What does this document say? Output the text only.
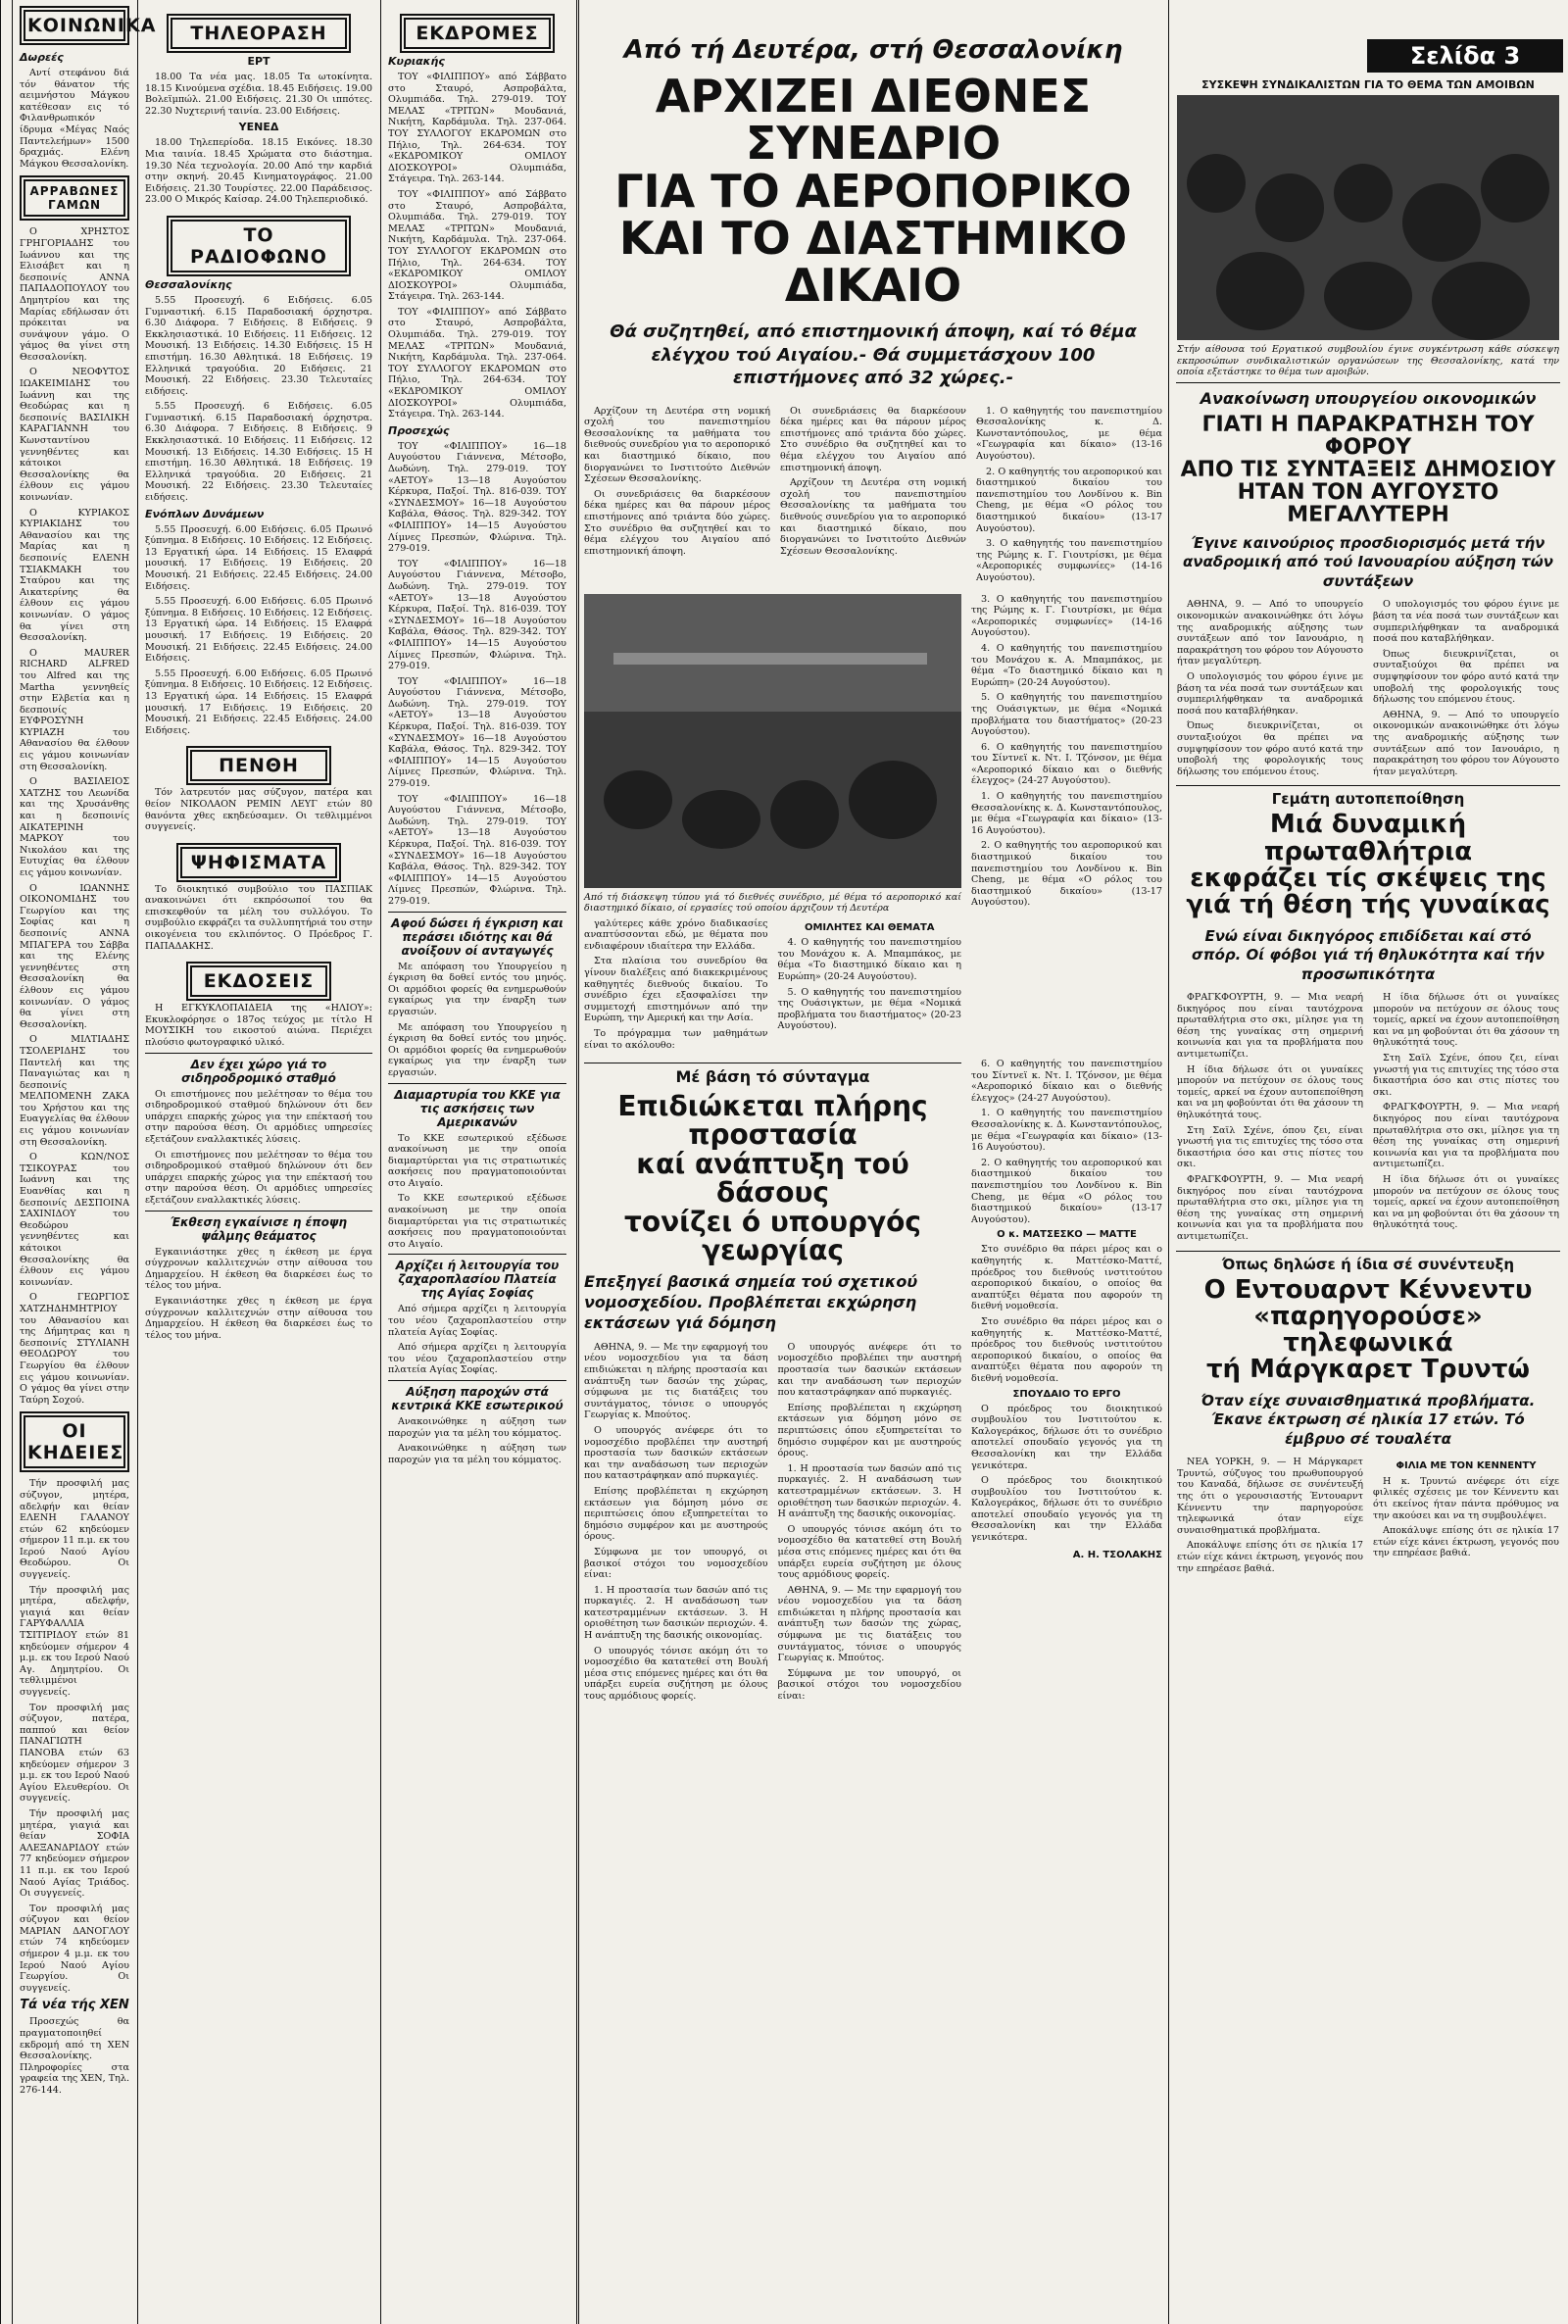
ΚΟΙΝΩΝΙΚΑ
Δωρεές

Αντί στεφάνου διά τόν θάνατον τής αειμνήστου Μάγκου κατέθεσαν εις τό Φιλανθρωπικόν ίδρυμα «Μέγας Ναός Παντελεήμων» 1500 δραχμάς. Ελένη Μάγκου Θεσσαλονίκη.

ΑΡΡΑΒΩΝΕΣ ΓΑΜΩΝ

Ο ΧΡΗΣΤΟΣ ΓΡΗΓΟΡΙΑΔΗΣ του Ιωάννου και της Ελισάβετ και η δεσποινίς ΑΝΝΑ ΠΑΠΑΔΟΠΟΥΛΟΥ του Δημητρίου και της Μαρίας εδήλωσαν ότι πρόκειται να συνάψουν γάμο. Ο γάμος θα γίνει στη Θεσσαλονίκη.

Ο ΝΕΟΦΥΤΟΣ ΙΩΑΚΕΙΜΙΔΗΣ του Ιωάννη και της Θεοδώρας και η δεσποινίς ΒΑΣΙΛΙΚΗ ΚΑΡΑΓΙΑΝΝΗ του Κωνσταντίνου γεννηθέντες και κάτοικοι Θεσσαλονίκης θα έλθουν εις γάμου κοινωνίαν.

Ο ΚΥΡΙΑΚΟΣ ΚΥΡΙΑΚΙΔΗΣ του Αθανασίου και της Μαρίας και η δεσποινίς ΕΛΕΝΗ ΤΣΙΑΚΜΑΚΗ του Σταύρου και της Αικατερίνης θα έλθουν εις γάμου κοινωνίαν. Ο γάμος θα γίνει στη Θεσσαλονίκη.

Ο MAURER RICHARD ALFRED του Alfred και της Martha γεννηθείς στην Ελβετία και η δεσποινίς ΕΥΦΡΟΣΥΝΗ ΚΥΡΙΑΖΗ του Αθανασίου θα έλθουν εις γάμου κοινωνίαν στη Θεσσαλονίκη.

Ο ΒΑΣΙΛΕΙΟΣ ΧΑΤΖΗΣ του Λεωνίδα και της Χρυσάνθης και η δεσποινίς ΑΙΚΑΤΕΡΙΝΗ ΜΑΡΚΟΥ του Νικολάου και της Ευτυχίας θα έλθουν εις γάμου κοινωνίαν.

Ο ΙΩΑΝΝΗΣ ΟΙΚΟΝΟΜΙΔΗΣ του Γεωργίου και της Σοφίας και η δεσποινίς ΑΝΝΑ ΜΠΑΓΕΡΑ του Σάββα και της Ελένης γεννηθέντες στη Θεσσαλονίκη θα έλθουν εις γάμου κοινωνίαν. Ο γάμος θα γίνει στη Θεσσαλονίκη.

Ο ΜΙΛΤΙΑΔΗΣ ΤΣΟΛΕΡΙΔΗΣ του Παντελή και της Παναγιώτας και η δεσποινίς ΜΕΛΠΟΜΕΝΗ ΖΑΚΑ του Χρήστου και της Ευαγγελίας θα έλθουν εις γάμου κοινωνίαν στη Θεσσαλονίκη.

Ο ΚΩΝ/ΝΟΣ ΤΣΙΚΟΥΡΑΣ του Ιωάννη και της Ευανθίας και η δεσποινίς ΔΕΣΠΟΙΝΑ ΣΑΧΙΝΙΔΟΥ του Θεοδώρου γεννηθέντες και κάτοικοι Θεσσαλονίκης θα έλθουν εις γάμου κοινωνίαν.

Ο ΓΕΩΡΓΙΟΣ ΧΑΤΖΗΔΗΜΗΤΡΙΟΥ του Αθανασίου και της Δήμητρας και η δεσποινίς ΣΤΥΛΙΑΝΗ ΘΕΟΔΩΡΟΥ του Γεωργίου θα έλθουν εις γάμου κοινωνίαν. Ο γάμος θα γίνει στην Ταύρη Σοχού.

ΟΙ ΚΗΔΕΙΕΣ

Τήν προσφιλή μας σύζυγον, μητέρα, αδελφήν και θείαν ΕΛΕΝΗ ΓΑΛΑΝΟΥ ετών 62 κηδεύομεν σήμερον 11 π.μ. εκ του Ιερού Ναού Αγίου Θεοδώρου. Οι συγγενείς.

Τήν προσφιλή μας μητέρα, αδελφήν, γιαγιά και θείαν ΓΑΡΥΦΑΛΛΙΑ ΤΣΙΤΙΡΙΔΟΥ ετών 81 κηδεύομεν σήμερον 4 μ.μ. εκ του Ιερού Ναού Αγ. Δημητρίου. Οι τεθλιμμένοι συγγενείς.

Τον προσφιλή μας σύζυγον, πατέρα, παππού και θείον ΠΑΝΑΓΙΩΤΗ ΠΑΝΟΒΑ ετών 63 κηδεύομεν σήμερον 3 μ.μ. εκ του Ιερού Ναού Αγίου Ελευθερίου. Οι συγγενείς.

Τήν προσφιλή μας μητέρα, γιαγιά και θείαν ΣΟΦΙΑ ΑΛΕΞΑΝΔΡΙΔΟΥ ετών 77 κηδεύομεν σήμερον 11 π.μ. εκ του Ιερού Ναού Αγίας Τριάδος. Οι συγγενείς.

Τον προσφιλή μας σύζυγον και θείον ΜΑΡΙΑΝ ΔΑΝΟΓΛΟΥ ετών 74 κηδεύομεν σήμερον 4 μ.μ. εκ του Ιερού Ναού Αγίου Γεωργίου. Οι συγγενείς.

Τά νέα τής ΧΕΝ

Προσεχώς θα πραγματοποιηθεί εκδρομή από τη ΧΕΝ Θεσσαλονίκης. Πληροφορίες στα γραφεία της ΧΕΝ, Τηλ. 276-144.

ΤΗΛΕΟΡΑΣΗ
ΕΡΤ

18.00 Τα νέα μας. 18.05 Τα ωτοκίνητα. 18.15 Κινούμενα σχέδια. 18.45 Ειδήσεις. 19.00 Βολεϊμπώλ. 21.00 Ειδήσεις. 21.30 Οι ιππότες. 22.30 Νυχτερινή ταινία. 23.00 Ειδήσεις.

ΥΕΝΕΔ

18.00 Τηλεπερίοδα. 18.15 Εικόνες. 18.30 Μια ταινία. 18.45 Χρώματα στο διάστημα. 19.30 Νέα τεχνολογία. 20.00 Από την καρδιά στην σκηνή. 20.45 Κινηματογράφος. 21.00 Ειδήσεις. 21.30 Τουρίστες. 22.00 Παράδεισος. 23.00 Ο Μικρός Καίσαρ. 24.00 Τηλεπεριοδικό.

ΤΟ ΡΑΔΙΟΦΩΝΟ
Θεσσαλονίκης

5.55 Προσευχή. 6 Ειδήσεις. 6.05 Γυμναστική. 6.15 Παραδοσιακή όρχηστρα. 6.30 Διάφορα. 7 Ειδήσεις. 8 Ειδήσεις. 9 Εκκλησιαστικά. 10 Ειδήσεις. 11 Ειδήσεις. 12 Μουσική. 13 Ειδήσεις. 14.30 Ειδήσεις. 15 Η επιστήμη. 16.30 Αθλητικά. 18 Ειδήσεις. 19 Ελληνικά τραγούδια. 20 Ειδήσεις. 21 Μουσική. 22 Ειδήσεις. 23.30 Τελευταίες ειδήσεις.

5.55 Προσευχή. 6 Ειδήσεις. 6.05 Γυμναστική. 6.15 Παραδοσιακή όρχηστρα. 6.30 Διάφορα. 7 Ειδήσεις. 8 Ειδήσεις. 9 Εκκλησιαστικά. 10 Ειδήσεις. 11 Ειδήσεις. 12 Μουσική. 13 Ειδήσεις. 14.30 Ειδήσεις. 15 Η επιστήμη. 16.30 Αθλητικά. 18 Ειδήσεις. 19 Ελληνικά τραγούδια. 20 Ειδήσεις. 21 Μουσική. 22 Ειδήσεις. 23.30 Τελευταίες ειδήσεις.

Ενόπλων Δυνάμεων

5.55 Προσευχή. 6.00 Ειδήσεις. 6.05 Πρωινό ξύπνημα. 8 Ειδήσεις. 10 Ειδήσεις. 12 Ειδήσεις. 13 Εργατική ώρα. 14 Ειδήσεις. 15 Ελαφρά μουσική. 17 Ειδήσεις. 19 Ειδήσεις. 20 Μουσική. 21 Ειδήσεις. 22.45 Ειδήσεις. 24.00 Ειδήσεις.

5.55 Προσευχή. 6.00 Ειδήσεις. 6.05 Πρωινό ξύπνημα. 8 Ειδήσεις. 10 Ειδήσεις. 12 Ειδήσεις. 13 Εργατική ώρα. 14 Ειδήσεις. 15 Ελαφρά μουσική. 17 Ειδήσεις. 19 Ειδήσεις. 20 Μουσική. 21 Ειδήσεις. 22.45 Ειδήσεις. 24.00 Ειδήσεις.

5.55 Προσευχή. 6.00 Ειδήσεις. 6.05 Πρωινό ξύπνημα. 8 Ειδήσεις. 10 Ειδήσεις. 12 Ειδήσεις. 13 Εργατική ώρα. 14 Ειδήσεις. 15 Ελαφρά μουσική. 17 Ειδήσεις. 19 Ειδήσεις. 20 Μουσική. 21 Ειδήσεις. 22.45 Ειδήσεις. 24.00 Ειδήσεις.

ΠΕΝΘΗ

Τόν λατρευτόν μας σύζυγον, πατέρα και θείον ΝΙΚΟΛΑΟΝ ΡΕΜΙΝ ΛΕΥΓ ετών 80 θανόντα χθες εκηδεύσαμεν. Οι τεθλιμμένοι συγγενείς.

ΨΗΦΙΣΜΑΤΑ

Το διοικητικό συμβούλιο του ΠΑΣΠΙΑΚ ανακοινώνει ότι εκπρόσωποί του θα επισκεφθούν τα μέλη του συλλόγου. Το συμβούλιο εκφράζει τα συλλυπητήριά του στην οικογένεια του εκλιπόντος. Ο Πρόεδρος Γ. ΠΑΠΑΔΑΚΗΣ.

ΕΚΔΟΣΕΙΣ

Η ΕΓΚΥΚΛΟΠΑΙΔΕΙΑ της «ΗΛΙΟΥ»: Εκυκλοφόρησε ο 187ος τεύχος με τίτλο Η ΜΟΥΣΙΚΗ του εικοστού αιώνα. Περιέχει πλούσιο φωτογραφικό υλικό.

Δεν έχει χώρο γιά το σιδηροδρομικό σταθμό

Οι επιστήμονες που μελέτησαν το θέμα του σιδηροδρομικού σταθμού δηλώνουν ότι δεν υπάρχει επαρκής χώρος για την επέκτασή του στην παρούσα θέση. Οι αρμόδιες υπηρεσίες εξετάζουν εναλλακτικές λύσεις.

Οι επιστήμονες που μελέτησαν το θέμα του σιδηροδρομικού σταθμού δηλώνουν ότι δεν υπάρχει επαρκής χώρος για την επέκτασή του στην παρούσα θέση. Οι αρμόδιες υπηρεσίες εξετάζουν εναλλακτικές λύσεις.

Έκθεση εγκαίνισε η έποψη ψάλμης θεάματος

Εγκαινιάστηκε χθες η έκθεση με έργα σύγχρονων καλλιτεχνών στην αίθουσα του Δημαρχείου. Η έκθεση θα διαρκέσει έως το τέλος του μήνα.

Εγκαινιάστηκε χθες η έκθεση με έργα σύγχρονων καλλιτεχνών στην αίθουσα του Δημαρχείου. Η έκθεση θα διαρκέσει έως το τέλος του μήνα.

ΕΚΔΡΟΜΕΣ
Κυριακής

ΤΟΥ «ΦΙΛΙΠΠΟΥ» από Σάββατο στο Σταυρό, Ασπροβάλτα, Ολυμπιάδα. Τηλ. 279-019. ΤΟΥ ΜΕΛΑΣ «ΤΡΙΤΩΝ» Μουδανιά, Νικήτη, Καρδάμυλα. Τηλ. 237-064. ΤΟΥ ΣΥΛΛΟΓΟΥ ΕΚΔΡΟΜΩΝ στο Πήλιο, Τηλ. 264-634. ΤΟΥ «ΕΚΔΡΟΜΙΚΟΥ ΟΜΙΛΟΥ ΔΙΟΣΚΟΥΡΟΙ» Ολυμπιάδα, Στάγειρα. Τηλ. 263-144.

ΤΟΥ «ΦΙΛΙΠΠΟΥ» από Σάββατο στο Σταυρό, Ασπροβάλτα, Ολυμπιάδα. Τηλ. 279-019. ΤΟΥ ΜΕΛΑΣ «ΤΡΙΤΩΝ» Μουδανιά, Νικήτη, Καρδάμυλα. Τηλ. 237-064. ΤΟΥ ΣΥΛΛΟΓΟΥ ΕΚΔΡΟΜΩΝ στο Πήλιο, Τηλ. 264-634. ΤΟΥ «ΕΚΔΡΟΜΙΚΟΥ ΟΜΙΛΟΥ ΔΙΟΣΚΟΥΡΟΙ» Ολυμπιάδα, Στάγειρα. Τηλ. 263-144.

ΤΟΥ «ΦΙΛΙΠΠΟΥ» από Σάββατο στο Σταυρό, Ασπροβάλτα, Ολυμπιάδα. Τηλ. 279-019. ΤΟΥ ΜΕΛΑΣ «ΤΡΙΤΩΝ» Μουδανιά, Νικήτη, Καρδάμυλα. Τηλ. 237-064. ΤΟΥ ΣΥΛΛΟΓΟΥ ΕΚΔΡΟΜΩΝ στο Πήλιο, Τηλ. 264-634. ΤΟΥ «ΕΚΔΡΟΜΙΚΟΥ ΟΜΙΛΟΥ ΔΙΟΣΚΟΥΡΟΙ» Ολυμπιάδα, Στάγειρα. Τηλ. 263-144.

Προσεχώς

ΤΟΥ «ΦΙΛΙΠΠΟΥ» 16—18 Αυγούστου Γιάννενα, Μέτσοβο, Δωδώνη. Τηλ. 279-019. ΤΟΥ «ΑΕΤΟΥ» 13—18 Αυγούστου Κέρκυρα, Παξοί. Τηλ. 816-039. ΤΟΥ «ΣΥΝΔΕΣΜΟΥ» 16—18 Αυγούστου Καβάλα, Θάσος. Τηλ. 829-342. ΤΟΥ «ΦΙΛΙΠΠΟΥ» 14—15 Αυγούστου Λίμνες Πρεσπών, Φλώρινα. Τηλ. 279-019.

ΤΟΥ «ΦΙΛΙΠΠΟΥ» 16—18 Αυγούστου Γιάννενα, Μέτσοβο, Δωδώνη. Τηλ. 279-019. ΤΟΥ «ΑΕΤΟΥ» 13—18 Αυγούστου Κέρκυρα, Παξοί. Τηλ. 816-039. ΤΟΥ «ΣΥΝΔΕΣΜΟΥ» 16—18 Αυγούστου Καβάλα, Θάσος. Τηλ. 829-342. ΤΟΥ «ΦΙΛΙΠΠΟΥ» 14—15 Αυγούστου Λίμνες Πρεσπών, Φλώρινα. Τηλ. 279-019.

ΤΟΥ «ΦΙΛΙΠΠΟΥ» 16—18 Αυγούστου Γιάννενα, Μέτσοβο, Δωδώνη. Τηλ. 279-019. ΤΟΥ «ΑΕΤΟΥ» 13—18 Αυγούστου Κέρκυρα, Παξοί. Τηλ. 816-039. ΤΟΥ «ΣΥΝΔΕΣΜΟΥ» 16—18 Αυγούστου Καβάλα, Θάσος. Τηλ. 829-342. ΤΟΥ «ΦΙΛΙΠΠΟΥ» 14—15 Αυγούστου Λίμνες Πρεσπών, Φλώρινα. Τηλ. 279-019.

ΤΟΥ «ΦΙΛΙΠΠΟΥ» 16—18 Αυγούστου Γιάννενα, Μέτσοβο, Δωδώνη. Τηλ. 279-019. ΤΟΥ «ΑΕΤΟΥ» 13—18 Αυγούστου Κέρκυρα, Παξοί. Τηλ. 816-039. ΤΟΥ «ΣΥΝΔΕΣΜΟΥ» 16—18 Αυγούστου Καβάλα, Θάσος. Τηλ. 829-342. ΤΟΥ «ΦΙΛΙΠΠΟΥ» 14—15 Αυγούστου Λίμνες Πρεσπών, Φλώρινα. Τηλ. 279-019.

Αφού δώσει ή έγκριση και περάσει ιδιότης και θά ανοίξουν οί ανταγωγές

Με απόφαση του Υπουργείου η έγκριση θα δοθεί εντός του μηνός. Οι αρμόδιοι φορείς θα ενημερωθούν εγκαίρως για την έναρξη των εργασιών.

Με απόφαση του Υπουργείου η έγκριση θα δοθεί εντός του μηνός. Οι αρμόδιοι φορείς θα ενημερωθούν εγκαίρως για την έναρξη των εργασιών.

Διαμαρτυρία του ΚΚΕ για τις ασκήσεις των Αμερικανών

Το ΚΚΕ εσωτερικού εξέδωσε ανακοίνωση με την οποία διαμαρτύρεται για τις στρατιωτικές ασκήσεις που πραγματοποιούνται στο Αιγαίο.

Το ΚΚΕ εσωτερικού εξέδωσε ανακοίνωση με την οποία διαμαρτύρεται για τις στρατιωτικές ασκήσεις που πραγματοποιούνται στο Αιγαίο.

Αρχίζει ή λειτουργία του ζαχαροπλασίου Πλατεία της Αγίας Σοφίας

Από σήμερα αρχίζει η λειτουργία του νέου ζαχαροπλαστείου στην πλατεία Αγίας Σοφίας.

Από σήμερα αρχίζει η λειτουργία του νέου ζαχαροπλαστείου στην πλατεία Αγίας Σοφίας.

Αύξηση παροχών στά κεντρικά ΚΚΕ εσωτερικού

Ανακοινώθηκε η αύξηση των παροχών για τα μέλη του κόμματος.

Ανακοινώθηκε η αύξηση των παροχών για τα μέλη του κόμματος.

Από τή Δευτέρα, στή Θεσσαλονίκη
ΑΡΧΙΖΕΙ ΔΙΕΘΝΕΣ ΣΥΝΕΔΡΙΟ
ΓΙΑ ΤΟ ΑΕΡΟΠΟΡΙΚΟ
ΚΑΙ ΤΟ ΔΙΑΣΤΗΜΙΚΟ ΔΙΚΑΙΟ
Θά συζητηθεί, από επιστημονική άποψη, καί τό θέμα ελέγχου τού Αιγαίου.- Θά συμμετάσχουν 100 επιστήμονες από 32 χώρες.-

Αρχίζουν τη Δευτέρα στη νομική σχολή του πανεπιστημίου Θεσσαλονίκης τα μαθήματα του διεθνούς συνεδρίου για το αεροπορικό και διαστημικό δίκαιο, που διοργανώνει το Ινστιτούτο Διεθνών Σχέσεων Θεσσαλονίκης.

Οι συνεδριάσεις θα διαρκέσουν δέκα ημέρες και θα πάρουν μέρος επιστήμονες από τριάντα δύο χώρες. Στο συνέδριο θα συζητηθεί και το θέμα ελέγχου του Αιγαίου από επιστημονική άποψη.

Οι συνεδριάσεις θα διαρκέσουν δέκα ημέρες και θα πάρουν μέρος επιστήμονες από τριάντα δύο χώρες. Στο συνέδριο θα συζητηθεί και το θέμα ελέγχου του Αιγαίου από επιστημονική άποψη.

Αρχίζουν τη Δευτέρα στη νομική σχολή του πανεπιστημίου Θεσσαλονίκης τα μαθήματα του διεθνούς συνεδρίου για το αεροπορικό και διαστημικό δίκαιο, που διοργανώνει το Ινστιτούτο Διεθνών Σχέσεων Θεσσαλονίκης.

1. Ο καθηγητής του πανεπιστημίου Θεσσαλονίκης κ. Δ. Κωνσταντόπουλος, με θέμα «Γεωγραφία και δίκαιο» (13-16 Αυγούστου).

2. Ο καθηγητής του αεροπορικού και διαστημικού δικαίου του πανεπιστημίου του Λονδίνου κ. Bin Cheng, με θέμα «Ο ρόλος του διαστημικού δικαίου» (13-17 Αυγούστου).

3. Ο καθηγητής του πανεπιστημίου της Ρώμης κ. Γ. Γιουτρίσκι, με θέμα «Αεροπορικές συμφωνίες» (14-16 Αυγούστου).

Από τή διάσκεψη τύπου γιά τό διεθνές συνέδριο, μέ θέμα τό αεροπορικό καί διαστημικό δίκαιο, οί εργασίες τού οποίου άρχιζουν τή Δευτέρα

γαλύτερες κάθε χρόνο διαδικασίες αναπτύσσονται εδώ, με θέματα που ενδιαφέρουν ιδιαίτερα την Ελλάδα.

Στα πλαίσια του συνεδρίου θα γίνουν διαλέξεις από διακεκριμένους καθηγητές διεθνούς δικαίου. Το συνέδριο έχει εξασφαλίσει την συμμετοχή επιστημόνων από την Ευρώπη, την Αμερική και την Ασία.

Το πρόγραμμα των μαθημάτων είναι το ακόλουθο:

ΟΜΙΛΗΤΕΣ ΚΑΙ ΘΕΜΑΤΑ

4. Ο καθηγητής του πανεπιστημίου του Μονάχου κ. Α. Μπαμπάκος, με θέμα «Το διαστημικό δίκαιο και η Ευρώπη» (20-24 Αυγούστου).

5. Ο καθηγητής του πανεπιστημίου της Ουάσιγκτων, με θέμα «Νομικά προβλήματα του διαστήματος» (20-23 Αυγούστου).

3. Ο καθηγητής του πανεπιστημίου της Ρώμης κ. Γ. Γιουτρίσκι, με θέμα «Αεροπορικές συμφωνίες» (14-16 Αυγούστου).

4. Ο καθηγητής του πανεπιστημίου του Μονάχου κ. Α. Μπαμπάκος, με θέμα «Το διαστημικό δίκαιο και η Ευρώπη» (20-24 Αυγούστου).

5. Ο καθηγητής του πανεπιστημίου της Ουάσιγκτων, με θέμα «Νομικά προβλήματα του διαστήματος» (20-23 Αυγούστου).

6. Ο καθηγητής του πανεπιστημίου του Σίντνεϊ κ. Ντ. Ι. Τζόνσον, με θέμα «Αεροπορικό δίκαιο και ο διεθνής έλεγχος» (24-27 Αυγούστου).

1. Ο καθηγητής του πανεπιστημίου Θεσσαλονίκης κ. Δ. Κωνσταντόπουλος, με θέμα «Γεωγραφία και δίκαιο» (13-16 Αυγούστου).

2. Ο καθηγητής του αεροπορικού και διαστημικού δικαίου του πανεπιστημίου του Λονδίνου κ. Bin Cheng, με θέμα «Ο ρόλος του διαστημικού δικαίου» (13-17 Αυγούστου).

Μέ βάση τό σύνταγμα
Επιδιώκεται πλήρης προστασία
καί ανάπτυξη τού δάσους
τονίζει ό υπουργός γεωργίας
Επεξηγεί βασικά σημεία τού σχετικού νομοσχεδίου. Προβλέπεται εκχώρηση εκτάσεων γιά δόμηση

ΑΘΗΝΑ, 9. — Με την εφαρμογή του νέου νομοσχεδίου για τα δάση επιδιώκεται η πλήρης προστασία και ανάπτυξη των δασών της χώρας, σύμφωνα με τις διατάξεις του συντάγματος, τόνισε ο υπουργός Γεωργίας κ. Μπούτος.

Ο υπουργός ανέφερε ότι το νομοσχέδιο προβλέπει την αυστηρή προστασία των δασικών εκτάσεων και την αναδάσωση των περιοχών που καταστράφηκαν από πυρκαγιές.

Επίσης προβλέπεται η εκχώρηση εκτάσεων για δόμηση μόνο σε περιπτώσεις όπου εξυπηρετείται το δημόσιο συμφέρον και με αυστηρούς όρους.

Σύμφωνα με τον υπουργό, οι βασικοί στόχοι του νομοσχεδίου είναι:

1. Η προστασία των δασών από τις πυρκαγιές. 2. Η αναδάσωση των κατεστραμμένων εκτάσεων. 3. Η οριοθέτηση των δασικών περιοχών. 4. Η ανάπτυξη της δασικής οικονομίας.

Ο υπουργός τόνισε ακόμη ότι το νομοσχέδιο θα κατατεθεί στη Βουλή μέσα στις επόμενες ημέρες και ότι θα υπάρξει ευρεία συζήτηση με όλους τους αρμόδιους φορείς.

Ο υπουργός ανέφερε ότι το νομοσχέδιο προβλέπει την αυστηρή προστασία των δασικών εκτάσεων και την αναδάσωση των περιοχών που καταστράφηκαν από πυρκαγιές.

Επίσης προβλέπεται η εκχώρηση εκτάσεων για δόμηση μόνο σε περιπτώσεις όπου εξυπηρετείται το δημόσιο συμφέρον και με αυστηρούς όρους.

1. Η προστασία των δασών από τις πυρκαγιές. 2. Η αναδάσωση των κατεστραμμένων εκτάσεων. 3. Η οριοθέτηση των δασικών περιοχών. 4. Η ανάπτυξη της δασικής οικονομίας.

Ο υπουργός τόνισε ακόμη ότι το νομοσχέδιο θα κατατεθεί στη Βουλή μέσα στις επόμενες ημέρες και ότι θα υπάρξει ευρεία συζήτηση με όλους τους αρμόδιους φορείς.

ΑΘΗΝΑ, 9. — Με την εφαρμογή του νέου νομοσχεδίου για τα δάση επιδιώκεται η πλήρης προστασία και ανάπτυξη των δασών της χώρας, σύμφωνα με τις διατάξεις του συντάγματος, τόνισε ο υπουργός Γεωργίας κ. Μπούτος.

Σύμφωνα με τον υπουργό, οι βασικοί στόχοι του νομοσχεδίου είναι:

6. Ο καθηγητής του πανεπιστημίου του Σίντνεϊ κ. Ντ. Ι. Τζόνσον, με θέμα «Αεροπορικό δίκαιο και ο διεθνής έλεγχος» (24-27 Αυγούστου).

1. Ο καθηγητής του πανεπιστημίου Θεσσαλονίκης κ. Δ. Κωνσταντόπουλος, με θέμα «Γεωγραφία και δίκαιο» (13-16 Αυγούστου).

2. Ο καθηγητής του αεροπορικού και διαστημικού δικαίου του πανεπιστημίου του Λονδίνου κ. Bin Cheng, με θέμα «Ο ρόλος του διαστημικού δικαίου» (13-17 Αυγούστου).

Ο κ. ΜΑΤΣΕΣΚΟ — ΜΑΤΤΕ

Στο συνέδριο θα πάρει μέρος και ο καθηγητής κ. Ματτέσκο-Ματτέ, πρόεδρος του διεθνούς ινστιτούτου αεροπορικού δικαίου, ο οποίος θα αναπτύξει θέματα που αφορούν τη διεθνή νομοθεσία.

Στο συνέδριο θα πάρει μέρος και ο καθηγητής κ. Ματτέσκο-Ματτέ, πρόεδρος του διεθνούς ινστιτούτου αεροπορικού δικαίου, ο οποίος θα αναπτύξει θέματα που αφορούν τη διεθνή νομοθεσία.

ΣΠΟΥΔΑΙΟ ΤΟ ΕΡΓΟ

Ο πρόεδρος του διοικητικού συμβουλίου του Ινστιτούτου κ. Καλογεράκος, δήλωσε ότι το συνέδριο αποτελεί σπουδαίο γεγονός για τη Θεσσαλονίκη και την Ελλάδα γενικότερα.

Ο πρόεδρος του διοικητικού συμβουλίου του Ινστιτούτου κ. Καλογεράκος, δήλωσε ότι το συνέδριο αποτελεί σπουδαίο γεγονός για τη Θεσσαλονίκη και την Ελλάδα γενικότερα.

Α. Η. ΤΣΟΛΑΚΗΣ
Σελίδα 3
ΣΥΣΚΕΨΗ ΣΥΝΔΙΚΑΛΙΣΤΩΝ ΓΙΑ ΤΟ ΘΕΜΑ ΤΩΝ ΑΜΟΙΒΩΝ
Στήν αίθουσα τού Εργατικού συμβουλίου έγινε συγκέντρωση κάθε σύσκεψη εκπροσώπων συνδικαλιστικών οργανώσεων της Θεσσαλονίκης, κατά την οποία εξετάστηκε το θέμα των αμοιβών.
Ανακοίνωση υπουργείου οικονομικών
ΓΙΑΤΙ Η ΠΑΡΑΚΡΑΤΗΣΗ ΤΟΥ ΦΟΡΟΥ
ΑΠΟ ΤΙΣ ΣΥΝΤΑΞΕΙΣ ΔΗΜΟΣΙΟΥ
ΗΤΑΝ ΤΟΝ ΑΥΓΟΥΣΤΟ ΜΕΓΑΛΥΤΕΡΗ
Έγινε καινούριος προσδιορισμός μετά τήν αναδρομική από τού Ιανουαρίου αύξηση τών συντάξεων

ΑΘΗΝΑ, 9. — Από το υπουργείο οικονομικών ανακοινώθηκε ότι λόγω της αναδρομικής αύξησης των συντάξεων από τον Ιανουάριο, η παρακράτηση του φόρου τον Αύγουστο ήταν μεγαλύτερη.

Ο υπολογισμός του φόρου έγινε με βάση τα νέα ποσά των συντάξεων και συμπεριλήφθηκαν τα αναδρομικά ποσά που καταβλήθηκαν.

Όπως διευκρινίζεται, οι συνταξιούχοι θα πρέπει να συμψηφίσουν τον φόρο αυτό κατά την υποβολή της φορολογικής τους δήλωσης του επόμενου έτους.

Ο υπολογισμός του φόρου έγινε με βάση τα νέα ποσά των συντάξεων και συμπεριλήφθηκαν τα αναδρομικά ποσά που καταβλήθηκαν.

Όπως διευκρινίζεται, οι συνταξιούχοι θα πρέπει να συμψηφίσουν τον φόρο αυτό κατά την υποβολή της φορολογικής τους δήλωσης του επόμενου έτους.

ΑΘΗΝΑ, 9. — Από το υπουργείο οικονομικών ανακοινώθηκε ότι λόγω της αναδρομικής αύξησης των συντάξεων από τον Ιανουάριο, η παρακράτηση του φόρου τον Αύγουστο ήταν μεγαλύτερη.

Γεμάτη αυτοπεποίθηση
Μιά δυναμική πρωταθλήτρια
εκφράζει τίς σκέψεις της
γιά τή θέση τής γυναίκας
Ενώ είναι δικηγόρος επιδίδεται καί στό σπόρ. Οί φόβοι γιά τή θηλυκότητα καί τήν προσωπικότητα

ΦΡΑΓΚΦΟΥΡΤΗ, 9. — Μια νεαρή δικηγόρος που είναι ταυτόχρονα πρωταθλήτρια στο σκι, μίλησε για τη θέση της γυναίκας στη σημερινή κοινωνία και για τα προβλήματα που αντιμετωπίζει.

Η ίδια δήλωσε ότι οι γυναίκες μπορούν να πετύχουν σε όλους τους τομείς, αρκεί να έχουν αυτοπεποίθηση και να μη φοβούνται ότι θα χάσουν τη θηλυκότητά τους.

Στη Σαϊλ Σχένε, όπου ζει, είναι γνωστή για τις επιτυχίες της τόσο στα δικαστήρια όσο και στις πίστες του σκι.

ΦΡΑΓΚΦΟΥΡΤΗ, 9. — Μια νεαρή δικηγόρος που είναι ταυτόχρονα πρωταθλήτρια στο σκι, μίλησε για τη θέση της γυναίκας στη σημερινή κοινωνία και για τα προβλήματα που αντιμετωπίζει.

Η ίδια δήλωσε ότι οι γυναίκες μπορούν να πετύχουν σε όλους τους τομείς, αρκεί να έχουν αυτοπεποίθηση και να μη φοβούνται ότι θα χάσουν τη θηλυκότητά τους.

Στη Σαϊλ Σχένε, όπου ζει, είναι γνωστή για τις επιτυχίες της τόσο στα δικαστήρια όσο και στις πίστες του σκι.

ΦΡΑΓΚΦΟΥΡΤΗ, 9. — Μια νεαρή δικηγόρος που είναι ταυτόχρονα πρωταθλήτρια στο σκι, μίλησε για τη θέση της γυναίκας στη σημερινή κοινωνία και για τα προβλήματα που αντιμετωπίζει.

Η ίδια δήλωσε ότι οι γυναίκες μπορούν να πετύχουν σε όλους τους τομείς, αρκεί να έχουν αυτοπεποίθηση και να μη φοβούνται ότι θα χάσουν τη θηλυκότητά τους.

Όπως δηλώσε ή ίδια σέ συνέντευξη
Ο Εντουαρντ Κέννεντυ
«παρηγορούσε» τηλεφωνικά
τή Μάργκαρετ Τρυντώ
Όταν είχε συναισθηματικά προβλήματα. Έκανε έκτρωση σέ ηλικία 17 ετών. Τό έμβρυο σέ τουαλέτα

ΝΕΑ ΥΟΡΚΗ, 9. — Η Μάργκαρετ Τρυντώ, σύζυγος του πρωθυπουργού του Καναδά, δήλωσε σε συνέντευξή της ότι ο γερουσιαστής Έντουαρντ Κέννεντυ την παρηγορούσε τηλεφωνικά όταν είχε συναισθηματικά προβλήματα.

Αποκάλυψε επίσης ότι σε ηλικία 17 ετών είχε κάνει έκτρωση, γεγονός που την επηρέασε βαθιά.

ΦΙΛΙΑ ΜΕ ΤΟΝ ΚΕΝΝΕΝΤΥ

Η κ. Τρυντώ ανέφερε ότι είχε φιλικές σχέσεις με τον Κέννεντυ και ότι εκείνος ήταν πάντα πρόθυμος να την ακούσει και να τη συμβουλέψει.

Αποκάλυψε επίσης ότι σε ηλικία 17 ετών είχε κάνει έκτρωση, γεγονός που την επηρέασε βαθιά.
